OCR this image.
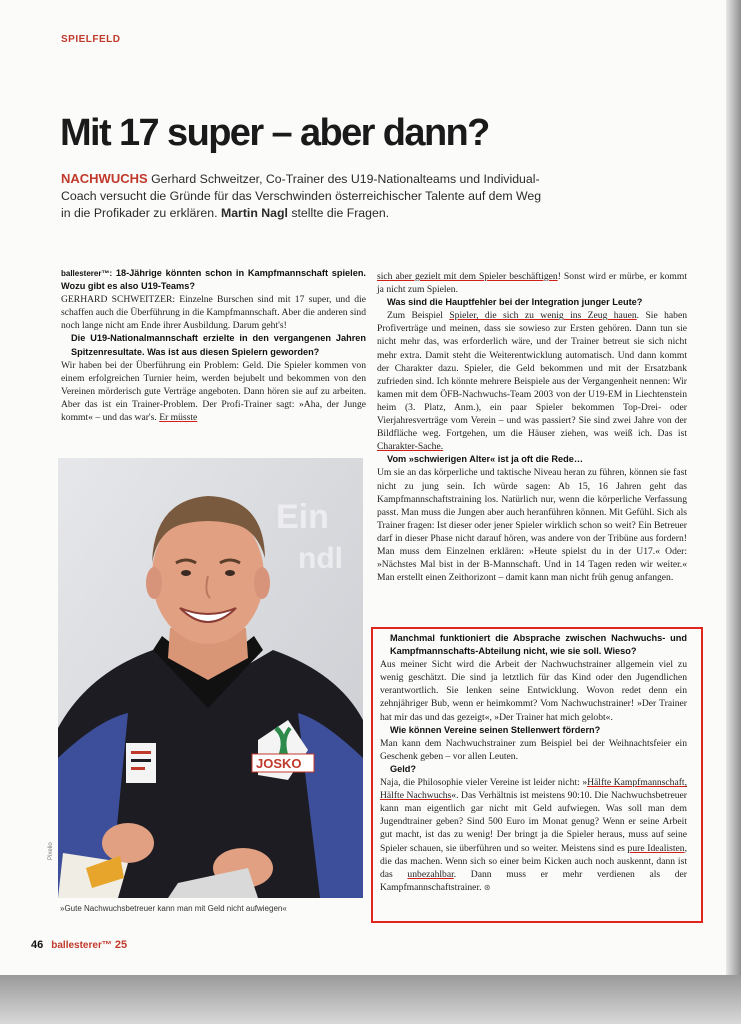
SPIELFELD
Mit 17 super – aber dann?
NACHWUCHS Gerhard Schweitzer, Co-Trainer des U19-Nationalteams und Individual-Coach versucht die Gründe für das Verschwinden österreichischer Talente auf dem Weg in die Profikader zu erklären. Martin Nagl stellte die Fragen.

ballesterer™: 18-Jährige könnten schon in Kampfmannschaft spielen. Wozu gibt es also U19-Teams?

GERHARD SCHWEITZER: Einzelne Burschen sind mit 17 super, und die schaffen auch die Überführung in die Kampfmannschaft. Aber die anderen sind noch lange nicht am Ende ihrer Ausbildung. Darum geht's!

Die U19-Nationalmannschaft erzielte in den vergangenen Jahren Spitzenresultate. Was ist aus diesen Spielern geworden?

Wir haben bei der Überführung ein Problem: Geld. Die Spieler kommen von einem erfolgreichen Turnier heim, werden bejubelt und bekommen von den Vereinen mörderisch gute Verträge angeboten. Dann hören sie auf zu arbeiten. Aber das ist ein Trainer-Problem. Der Profi-Trainer sagt: »Aha, der Junge kommt« – und das war's. Er müsste

Ein
ndl
JOSKO
»Gute Nachwuchsbetreuer kann man mit Geld nicht aufwiegen«
Pixelio

sich aber gezielt mit dem Spieler beschäftigen! Sonst wird er mürbe, er kommt ja nicht zum Spielen.

Was sind die Hauptfehler bei der Integration junger Leute?

Zum Beispiel Spieler, die sich zu wenig ins Zeug hauen. Sie haben Profiverträge und meinen, dass sie sowieso zur Ersten gehören. Dann tun sie nicht mehr das, was erforderlich wäre, und der Trainer betreut sie sich nicht mehr extra. Damit steht die Weiterentwicklung automatisch. Und dann kommt der Charakter dazu. Spieler, die Geld bekommen und mit der Ersatzbank zufrieden sind. Ich könnte mehrere Beispiele aus der Vergangenheit nennen: Wir kamen mit dem ÖFB-Nachwuchs-Team 2003 von der U19-EM in Liechtenstein heim (3. Platz, Anm.), ein paar Spieler bekommen Top-Drei- oder Vierjahresverträge vom Verein – und was passiert? Sie sind zwei Jahre von der Bildfläche weg. Fortgehen, um die Häuser ziehen, was weiß ich. Das ist Charakter-Sache.

Vom »schwierigen Alter« ist ja oft die Rede…

Um sie an das körperliche und taktische Niveau heran zu führen, können sie fast nicht zu jung sein. Ich würde sagen: Ab 15, 16 Jahren geht das Kampfmannschaftstraining los. Natürlich nur, wenn die körperliche Verfassung passt. Man muss die Jungen aber auch heranführen können. Mit Gefühl. Sich als Trainer fragen: Ist dieser oder jener Spieler wirklich schon so weit? Ein Betreuer darf in dieser Phase nicht darauf hören, was andere von der Tribüne aus fordern! Man muss dem Einzelnen erklären: »Heute spielst du in der U17.« Oder: »Nächstes Mal bist in der B-Mannschaft. Und in 14 Tagen reden wir weiter.« Man erstellt einen Zeithorizont – damit kann man nicht früh genug anfangen.

Manchmal funktioniert die Absprache zwischen Nachwuchs- und Kampfmannschafts-Abteilung nicht, wie sie soll. Wieso?

Aus meiner Sicht wird die Arbeit der Nachwuchstrainer allgemein viel zu wenig geschätzt. Die sind ja letztlich für das Kind oder den Jugendlichen verantwortlich. Sie lenken seine Entwicklung. Wovon redet denn ein zehnjähriger Bub, wenn er heimkommt? Vom Nachwuchstrainer! »Der Trainer hat mir das und das gezeigt«, »Der Trainer hat mich gelobt«.

Wie können Vereine seinen Stellenwert fördern?

Man kann dem Nachwuchstrainer zum Beispiel bei der Weihnachtsfeier ein Geschenk geben – vor allen Leuten.

Geld?

Naja, die Philosophie vieler Vereine ist leider nicht: »Hälfte Kampfmannschaft, Hälfte Nachwuchs«. Das Verhältnis ist meistens 90:10. Die Nachwuchsbetreuer kann man eigentlich gar nicht mit Geld aufwiegen. Was soll man dem Jugendtrainer geben? Sind 500 Euro im Monat genug? Wenn er seine Arbeit gut macht, ist das zu wenig! Der bringt ja die Spieler heraus, muss auf seine Spieler schauen, sie überführen und so weiter. Meistens sind es pure Idealisten, die das machen. Wenn sich so einer beim Kicken auch noch auskennt, dann ist das unbezahlbar. Dann muss er mehr verdienen als der Kampfmannschaftstrainer. ⊛

46 ballesterer™ 25
